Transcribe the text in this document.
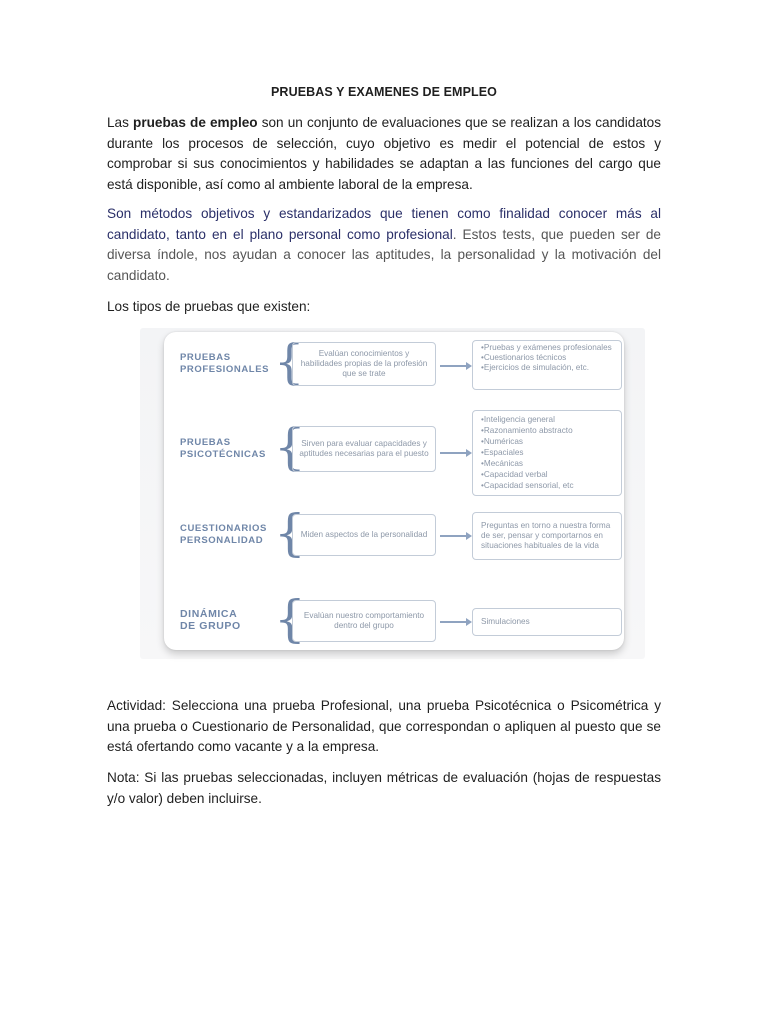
PRUEBAS Y EXAMENES DE EMPLEO
Las pruebas de empleo son un conjunto de evaluaciones que se realizan a los candidatos durante los procesos de selección, cuyo objetivo es medir el potencial de estos y comprobar si sus conocimientos y habilidades se adaptan a las funciones del cargo que está disponible, así como al ambiente laboral de la empresa.
Son métodos objetivos y estandarizados que tienen como finalidad conocer más al candidato, tanto en el plano personal como profesional. Estos tests, que pueden ser de diversa índole, nos ayudan a conocer las aptitudes, la personalidad y la motivación del candidato.
Los tipos de pruebas que existen:
PRUEBAS
PROFESIONALES {	Evalúan conocimientos y habilidades propias de la profesión que se trate
• Pruebas y exámenes profesionales
• Cuestionarios técnicos
• Ejercicios de simulación, etc.
PRUEBAS
PSICOTÉCNICAS {
Sirven para evaluar capacidades y aptitudes necesarias para el puesto
• Inteligencia general
• Razonamiento abstracto
• Numéricas
• Espaciales
• Mecánicas
• Capacidad verbal
• Capacidad sensorial, etc
CUESTIONARIOS
PERSONALIDAD {
Miden aspectos de la personalidad
Preguntas en torno a nuestra forma de ser, pensar y comportarnos en situaciones habituales de la vida
DINÁMICA
DE GRUPO {
Evalúan nuestro comportamiento dentro del grupo	Simulaciones
Actividad: Selecciona una prueba Profesional, una prueba Psicotécnica o Psicométrica y una prueba o Cuestionario de Personalidad, que correspondan o apliquen al puesto que se está ofertando como vacante y a la empresa.
Nota: Si las pruebas seleccionadas, incluyen métricas de evaluación (hojas de respuestas y/o valor) deben incluirse.
